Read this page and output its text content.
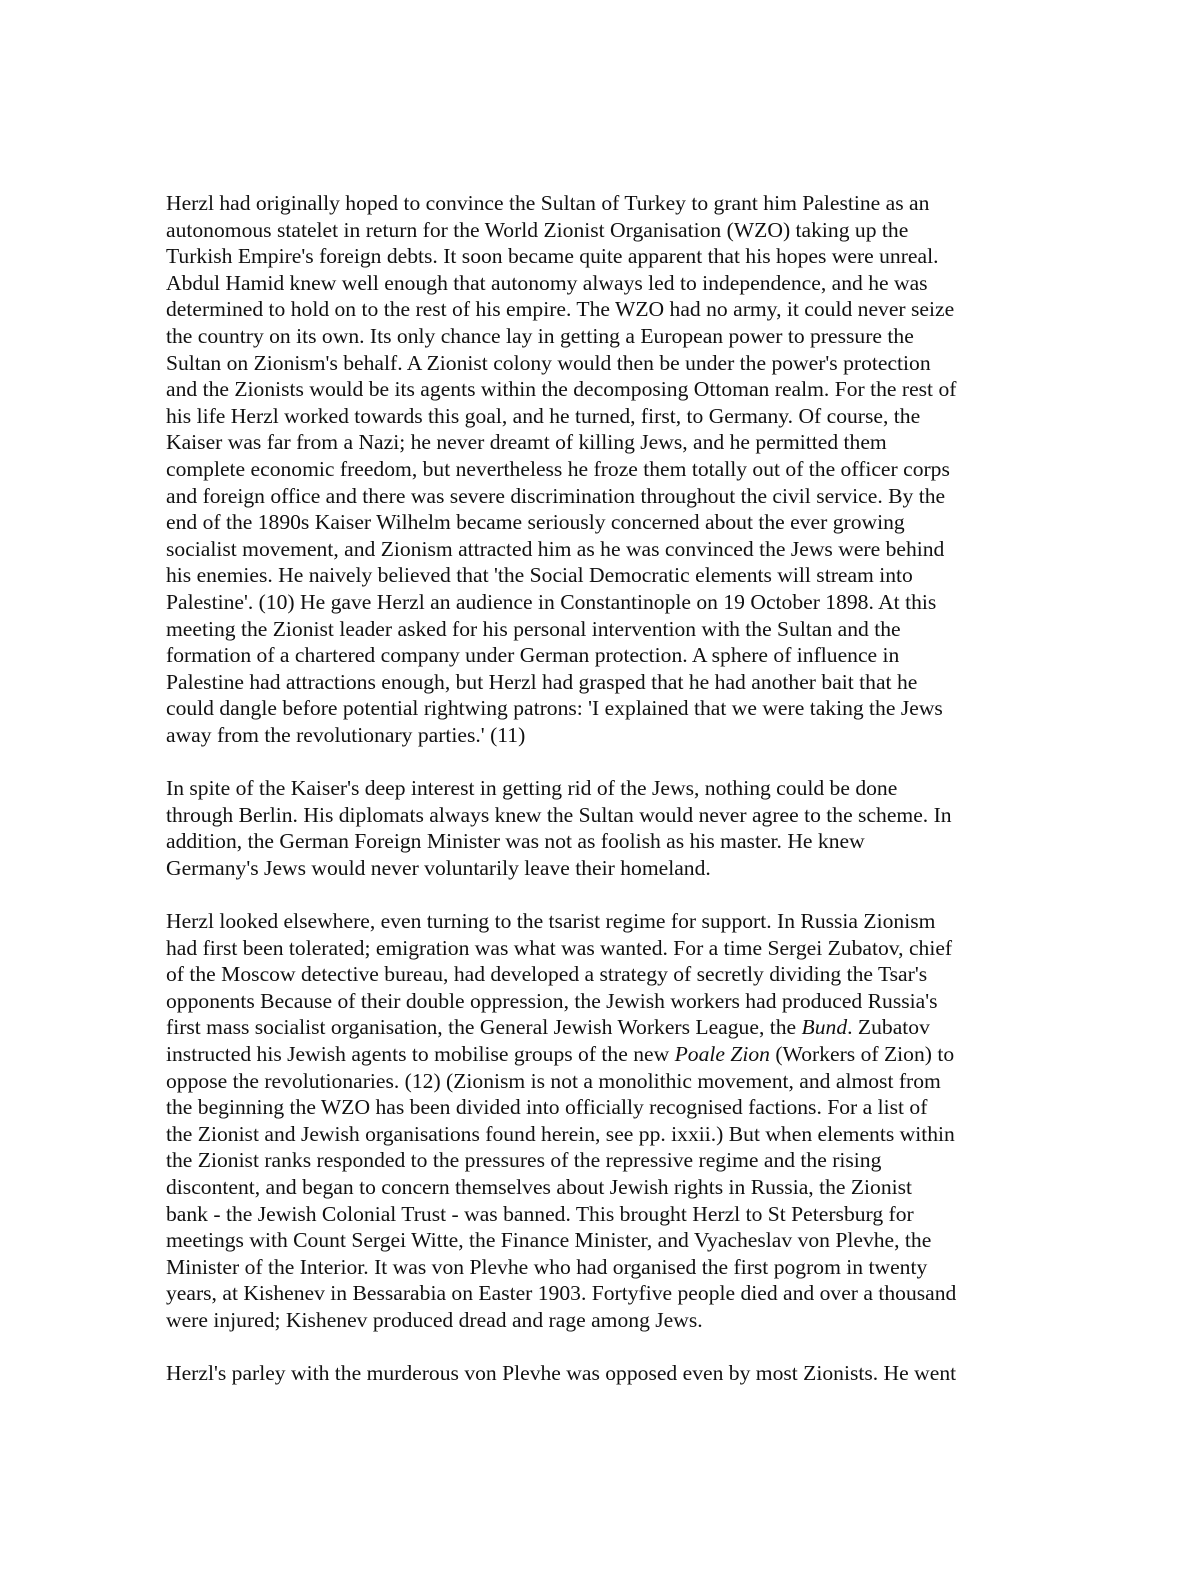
Herzl had originally hoped to convince the Sultan of Turkey to grant him Palestine as an
autonomous statelet in return for the World Zionist Organisation (WZO) taking up the
Turkish Empire's foreign debts. It soon became quite apparent that his hopes were unreal.
Abdul Hamid knew well enough that autonomy always led to independence, and he was
determined to hold on to the rest of his empire. The WZO had no army, it could never seize
the country on its own. Its only chance lay in getting a European power to pressure the
Sultan on Zionism's behalf. A Zionist colony would then be under the power's protection
and the Zionists would be its agents within the decomposing Ottoman realm. For the rest of
his life Herzl worked towards this goal, and he turned, first, to Germany. Of course, the
Kaiser was far from a Nazi; he never dreamt of killing Jews, and he permitted them
complete economic freedom, but nevertheless he froze them totally out of the officer corps
and foreign office and there was severe discrimination throughout the civil service. By the
end of the 1890s Kaiser Wilhelm became seriously concerned about the ever growing
socialist movement, and Zionism attracted him as he was convinced the Jews were behind
his enemies. He naively believed that 'the Social Democratic elements will stream into
Palestine'. (10) He gave Herzl an audience in Constantinople on 19 October 1898. At this
meeting the Zionist leader asked for his personal intervention with the Sultan and the
formation of a chartered company under German protection. A sphere of influence in
Palestine had attractions enough, but Herzl had grasped that he had another bait that he
could dangle before potential rightwing patrons: 'I explained that we were taking the Jews
away from the revolutionary parties.' (11)
In spite of the Kaiser's deep interest in getting rid of the Jews, nothing could be done
through Berlin. His diplomats always knew the Sultan would never agree to the scheme. In
addition, the German Foreign Minister was not as foolish as his master. He knew
Germany's Jews would never voluntarily leave their homeland.
Herzl looked elsewhere, even turning to the tsarist regime for support. In Russia Zionism
had first been tolerated; emigration was what was wanted. For a time Sergei Zubatov, chief
of the Moscow detective bureau, had developed a strategy of secretly dividing the Tsar's
opponents Because of their double oppression, the Jewish workers had produced Russia's
first mass socialist organisation, the General Jewish Workers League, the Bund. Zubatov
instructed his Jewish agents to mobilise groups of the new Poale Zion (Workers of Zion) to
oppose the revolutionaries. (12) (Zionism is not a monolithic movement, and almost from
the beginning the WZO has been divided into officially recognised factions. For a list of
the Zionist and Jewish organisations found herein, see pp. ixxii.) But when elements within
the Zionist ranks responded to the pressures of the repressive regime and the rising
discontent, and began to concern themselves about Jewish rights in Russia, the Zionist
bank - the Jewish Colonial Trust - was banned. This brought Herzl to St Petersburg for
meetings with Count Sergei Witte, the Finance Minister, and Vyacheslav von Plevhe, the
Minister of the Interior. It was von Plevhe who had organised the first pogrom in twenty
years, at Kishenev in Bessarabia on Easter 1903. Fortyfive people died and over a thousand
were injured; Kishenev produced dread and rage among Jews.
Herzl's parley with the murderous von Plevhe was opposed even by most Zionists. He went
